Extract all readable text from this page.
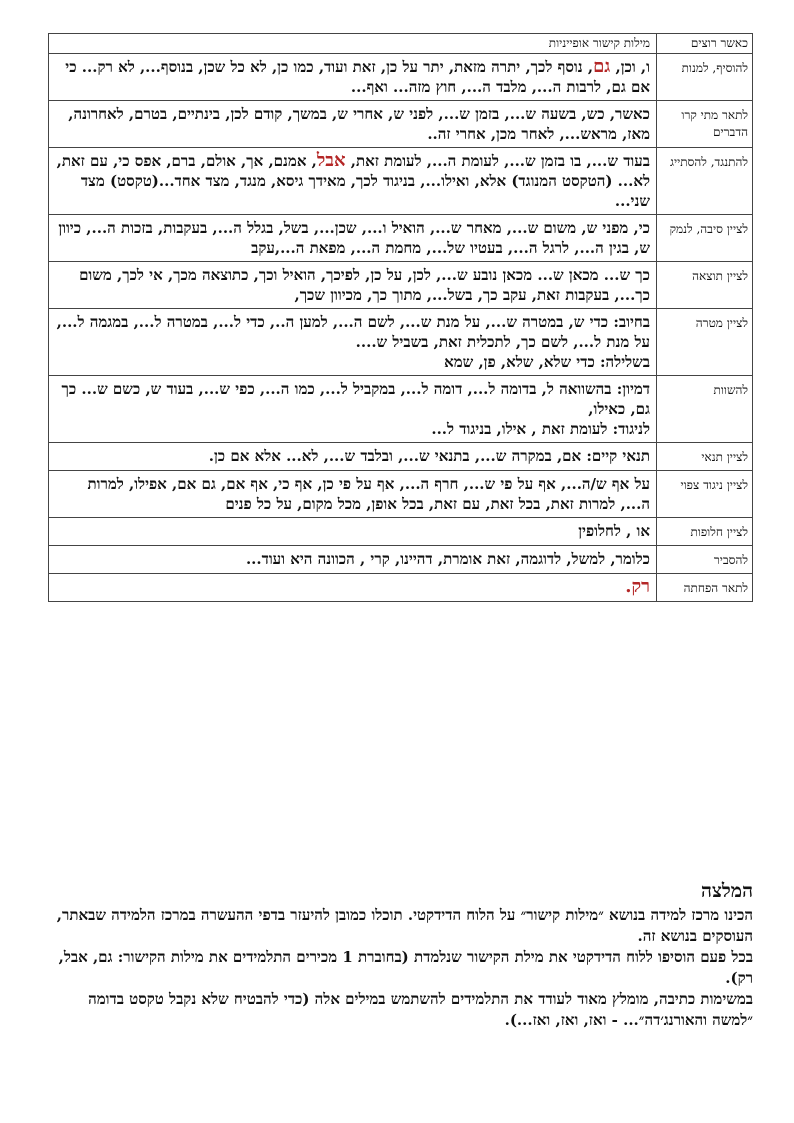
כאשר רוצים	מילות קישור אופייניות
להוסיף, למנות	ו, וכן, גם, נוסף לכך, יתרה מזאת, יתר על כן, זאת ועוד, כמו כן, לא כל שכן, בנוסף..., לא רק... כי אם גם, לרבות ה..., מלבד ה..., חוץ מזה... ואף...

לתאר מתי קרו הדברים	כאשר, כש, בשעה ש..., בזמן ש..., לפני ש, אחרי ש, במשך, קודם לכן, בינתיים, בטרם, לאחרונה, מאז, מראש..., לאחר מכן, אחרי זה..

להתנגד, להסתייג	בעוד ש..., בו בזמן ש..., לעומת ה..., לעומת זאת, אבל, אמנם, אך, אולם, ברם, אפס כי, עם זאת, לא... (הטקסט המנוגד) אלא, ואילו..., בניגוד לכך, מאידך גיסא, מנגד, מצד אחד...(טקסט) מצד שני...

לציין סיבה, לנמק	כי, מפני ש, משום ש..., מאחר ש..., הואיל ו..., שכן..., בשל, בגלל ה..., בעקבות, בזכות ה..., כיוון ש, בגין ה..., לרגל ה..., בעטיו של..., מחמת ה..., מפאת ה...,עקב

לציין תוצאה	כך ש... מכאן ש... מכאן נובע ש..., לכן, על כן, לפיכך, הואיל וכך, כתוצאה מכך, אי לכך, משום כך..., בעקבות זאת, עקב כך, בשל..., מתוך כך, מכיוון שכך,

לציין מטרה	בחיוב: כדי ש, במטרה ש..., על מנת ש..., לשם ה..., למען ה.., כדי ל..., במטרה ל..., במגמה ל..., על מנת ל..., לשם כך, לתכלית זאת, בשביל ש....
בשלילה: כדי שלא, שלא, פן, שמא

להשוות	דמיון: בהשוואה ל, בדומה ל..., דומה ל..., במקביל ל..., כמו ה..., כפי ש..., בעוד ש, כשם ש... כך גם, כאילו,
לניגוד: לעומת זאת , אילו, בניגוד ל...

לציין תנאי	תנאי קיים: אם, במקרה ש..., בתנאי ש..., ובלבד ש..., לא... אלא אם כן.

לציין ניגוד צפוי	על אף ש/ה..., אף על פי ש..., חרף ה..., אף על פי כן, אף כי, אף אם, גם אם, אפילו, למרות ה..., למרות זאת, בכל זאת, עם זאת, בכל אופן, מכל מקום, על כל פנים

לציין חלופות	או , לחלופין

להסביר	כלומר, למשל, לדוגמה, זאת אומרת, דהיינו, קרי , הכוונה היא ועוד...

לתאר הפחתה	רק.
המלצה

הכינו מרכז למידה בנושא ״מילות קישור״ על הלוח הדידקטי. תוכלו כמובן להיעזר בדפי ההעשרה במרכז הלמידה שבאתר, העוסקים בנושא זה.

בכל פעם הוסיפו ללוח הדידקטי את מילת הקישור שנלמדת (בחוברת 1 מכירים התלמידים את מילות הקישור: גם, אבל, רק).

במשימות כתיבה, מומלץ מאוד לעודד את התלמידים להשתמש במילים אלה (כדי להבטיח שלא נקבל טקסט בדומה ״למשה והאורנג׳דה״... - ואז, ואז, ואז...).
